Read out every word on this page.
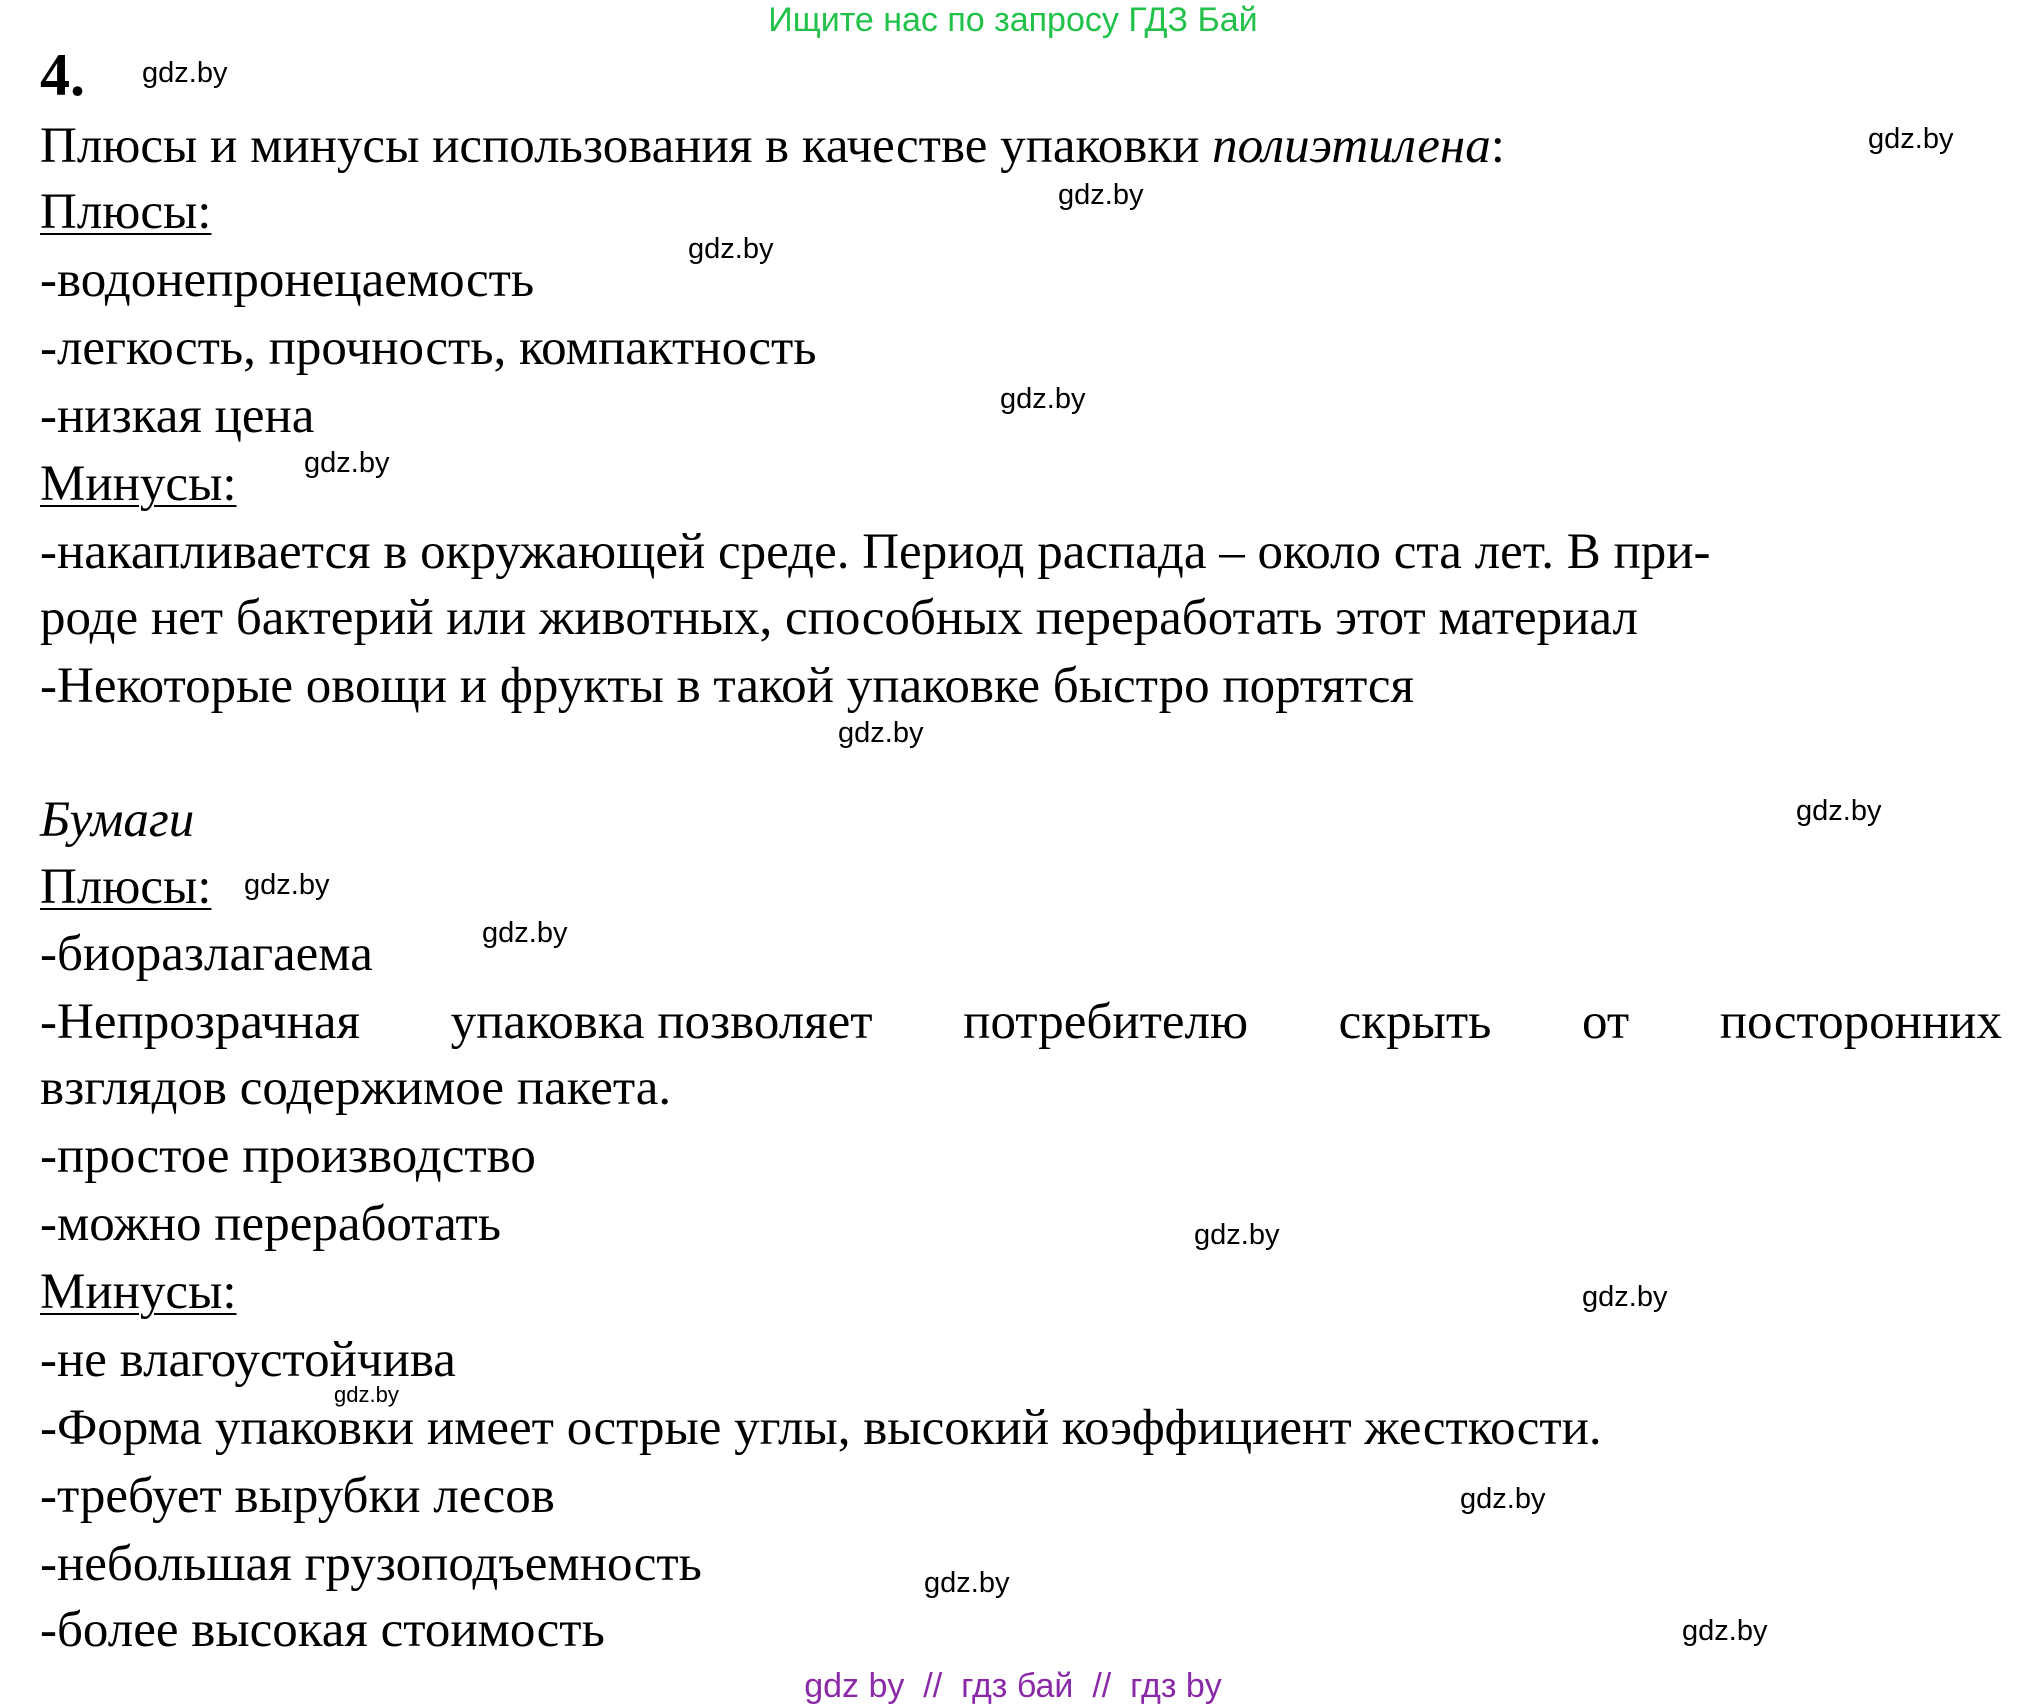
Ищите нас по запросу ГДЗ Бай
4.
Плюсы и минусы использования в качестве упаковки полиэтилена:
Плюсы:
-водонепронецаемость
-легкость, прочность, компактность
-низкая цена
Минусы:
-накапливается в окружающей среде. Период распада – около ста лет. В при-
роде нет бактерий или животных, способных переработать этот материал
-Некоторые овощи и фрукты в такой упаковке быстро портятся
Бумаги
Плюсы:
-биоразлагаема
-Непрозрачная упаковка позволяет потребителю скрыть от посторонних
взглядов содержимое пакета.
-простое производство
-можно переработать
Минусы:
-не влагоустойчива
-Форма упаковки имеет острые углы, высокий коэффициент жесткости.
-требует вырубки лесов
-небольшая грузоподъемность
-более высокая стоимость
gdz.by
gdz.by
gdz.by
gdz.by
gdz.by
gdz.by
gdz.by
gdz.by
gdz.by
gdz.by
gdz.by
gdz.by
gdz.by
gdz.by
gdz.by
gdz.by
gdz by  //  гдз бай  //  гдз by
